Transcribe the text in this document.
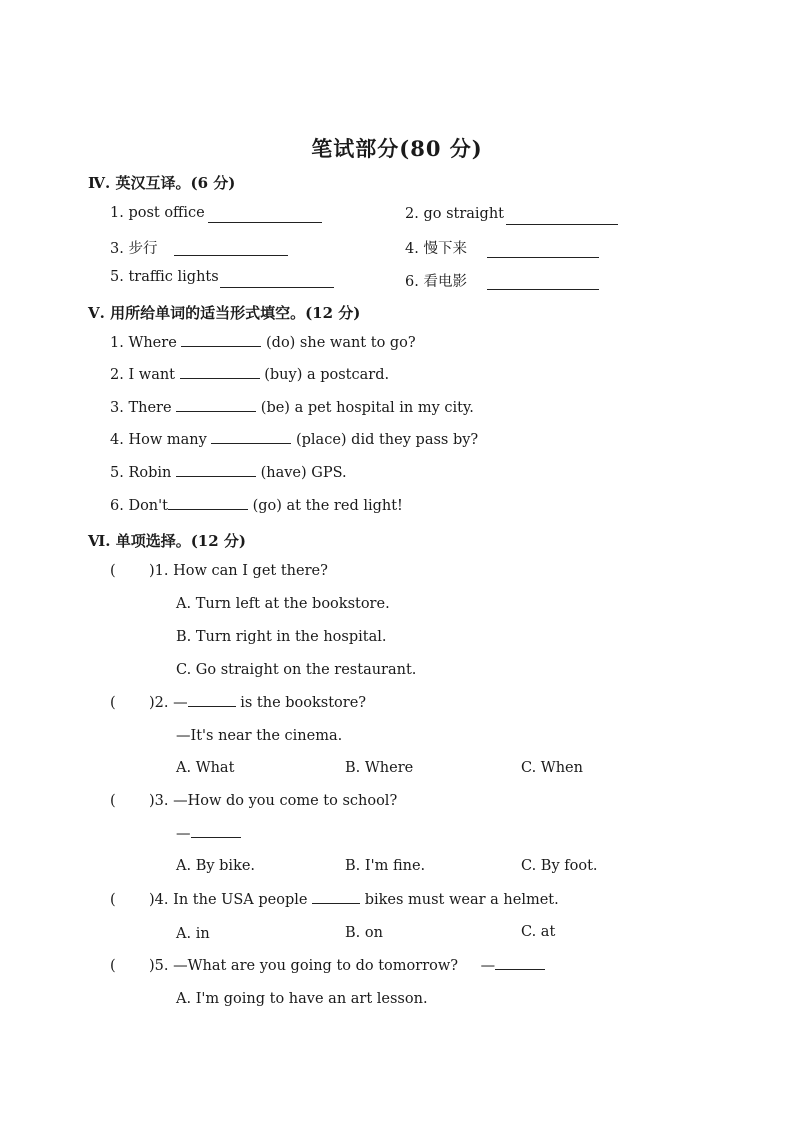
笔试部分(80 分)
Ⅳ. 英汉互译。(6 分)
1. post office	2. go straight
3. 步行	4. 慢下来
5. traffic lights	6. 看电影
Ⅴ. 用所给单词的适当形式填空。(12 分)
1. Where	(do) she want to go?
2. I want	(buy) a postcard.
3. There	(be) a pet hospital in my city.
4. How many	(place) did they pass by?
5. Robin	(have) GPS.
6. Don't	(go) at the red light!
Ⅵ. 单项选择。(12 分)
( )1. How can I get there?
A. Turn left at the bookstore.
B. Turn right in the hospital.
C. Go straight on the restaurant.
( )2. —	is the bookstore?
—It's near the cinema.
A. What	B. Where	C. When
( )3. —How do you come to school?
—
A. By bike.	B. I'm fine.	C. By foot.
( )4. In the USA people	bikes must wear a helmet.
A. in	B. on	C. at
( )5. —What are you going to do tomorrow? —
A. I'm going to have an art lesson.
